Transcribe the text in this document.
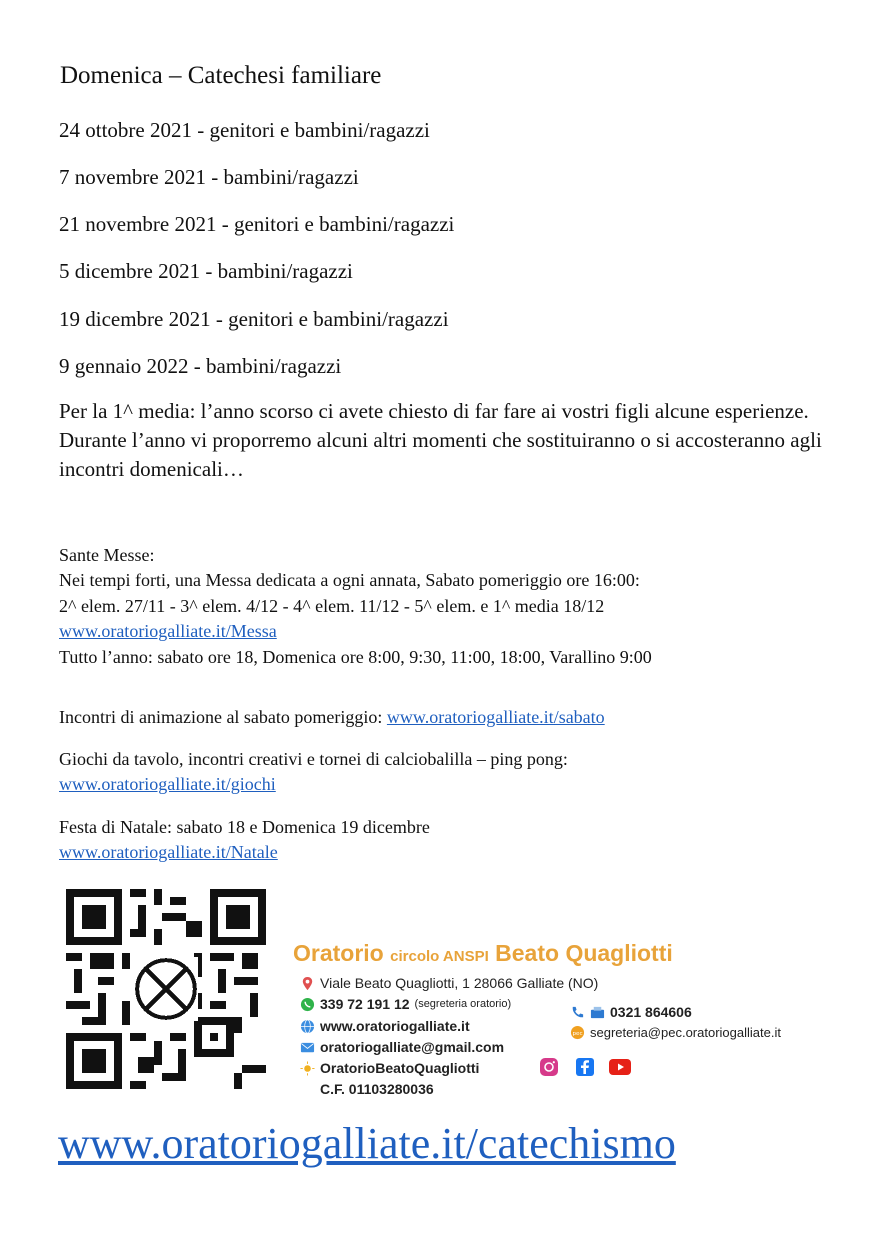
Domenica – Catechesi familiare
24 ottobre 2021 - genitori e bambini/ragazzi
7 novembre 2021 - bambini/ragazzi
21 novembre 2021 - genitori e bambini/ragazzi
5 dicembre 2021 - bambini/ragazzi
19 dicembre 2021 - genitori e bambini/ragazzi
9 gennaio 2022 - bambini/ragazzi
Per la 1^ media: l’anno scorso ci avete chiesto di far fare ai vostri figli alcune esperienze. Durante l’anno vi proporremo alcuni altri momenti che sostituiranno o si accosteranno agli incontri domenicali…
Sante Messe:
Nei tempi forti, una Messa dedicata a ogni annata, Sabato pomeriggio ore 16:00:
2^ elem. 27/11 - 3^ elem. 4/12 - 4^ elem. 11/12 - 5^ elem. e 1^ media 18/12
www.oratoriogalliate.it/Messa
Tutto l’anno: sabato ore 18, Domenica ore 8:00, 9:30, 11:00, 18:00, Varallino 9:00
Incontri di animazione al sabato pomeriggio: www.oratoriogalliate.it/sabato
Giochi da tavolo, incontri creativi e tornei di calciobalilla – ping pong:
www.oratoriogalliate.it/giochi
Festa di Natale: sabato 18 e Domenica 19 dicembre
www.oratoriogalliate.it/Natale
Oratorio circolo ANSPI Beato Quagliotti
Viale Beato Quagliotti, 1 28066 Galliate (NO)
339 72 191 12 (segreteria oratorio)	0321 864606
www.oratoriogalliate.it	pec segreteria@pec.oratoriogalliate.it
oratoriogalliate@gmail.com
OratorioBeatoQuagliotti
C.F. 01103280036
www.oratoriogalliate.it/catechismo
